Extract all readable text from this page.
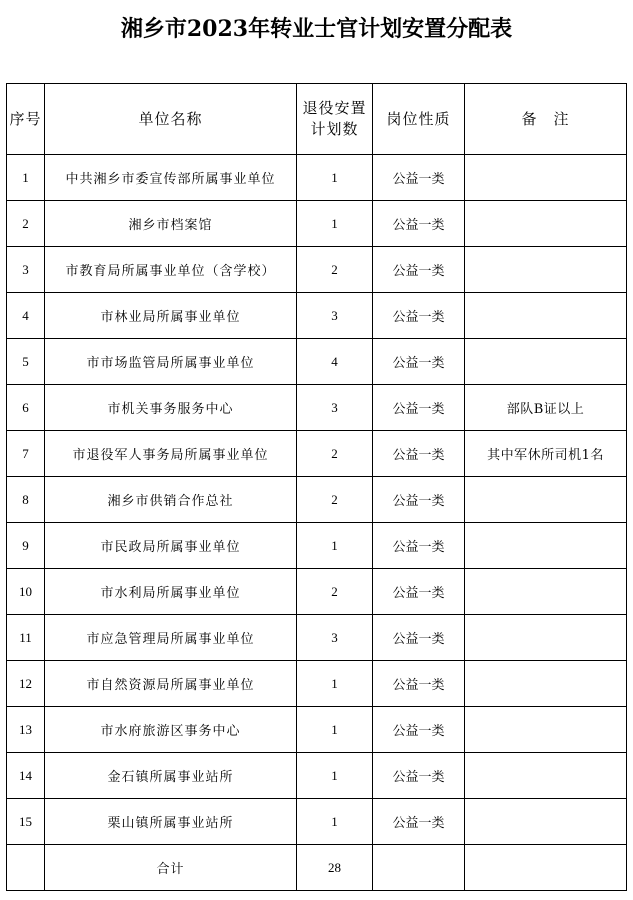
湘乡市2023年转业士官计划安置分配表
序号	单位名称	退役安置计划数	岗位性质	备　注
1	中共湘乡市委宣传部所属事业单位	1	公益一类	
2	湘乡市档案馆	1	公益一类	
3	市教育局所属事业单位（含学校）	2	公益一类	
4	市林业局所属事业单位	3	公益一类	
5	市市场监管局所属事业单位	4	公益一类	
6	市机关事务服务中心	3	公益一类	部队B证以上
7	市退役军人事务局所属事业单位	2	公益一类	其中军休所司机1名
8	湘乡市供销合作总社	2	公益一类	
9	市民政局所属事业单位	1	公益一类	
10	市水利局所属事业单位	2	公益一类	
11	市应急管理局所属事业单位	3	公益一类	
12	市自然资源局所属事业单位	1	公益一类	
13	市水府旅游区事务中心	1	公益一类	
14	金石镇所属事业站所	1	公益一类	
15	栗山镇所属事业站所	1	公益一类	
	合计	28		
